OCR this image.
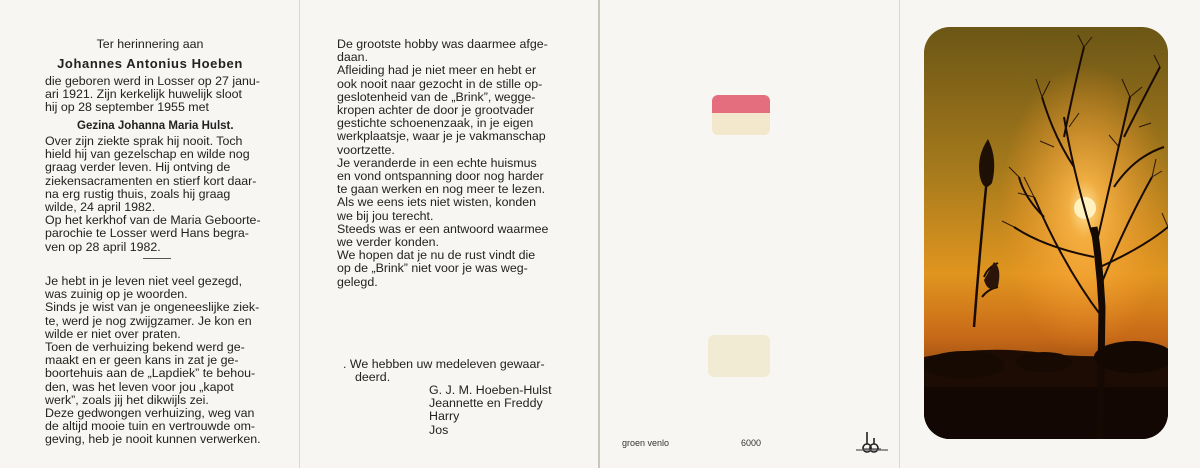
Ter herinnering aan
Johannes Antonius Hoeben
die geboren werd in Losser op 27 janu-
ari 1921. Zijn kerkelijk huwelijk sloot
hij op 28 september 1955 met
Gezina Johanna Maria Hulst.
Over zijn ziekte sprak hij nooit. Toch
hield hij van gezelschap en wilde nog
graag verder leven. Hij ontving de
ziekensacramenten en stierf kort daar-
na erg rustig thuis, zoals hij graag
wilde, 24 april 1982.
Op het kerkhof van de Maria Geboorte-
parochie te Losser werd Hans begra-
ven op 28 april 1982.
Je hebt in je leven niet veel gezegd,
was zuinig op je woorden.
Sinds je wist van je ongeneeslijke ziek-
te, werd je nog zwijgzamer. Je kon en
wilde er niet over praten.
Toen de verhuizing bekend werd ge-
maakt en er geen kans in zat je ge-
boortehuis aan de „Lapdiek” te behou-
den, was het leven voor jou „kapot
werk”, zoals jij het dikwijls zei.
Deze gedwongen verhuizing, weg van
de altijd mooie tuin en vertrouwde om-
geving, heb je nooit kunnen verwerken.
De grootste hobby was daarmee afge-
daan.
Afleiding had je niet meer en hebt er
ook nooit naar gezocht in de stille op-
geslotenheid van de „Brink”, wegge-
kropen achter de door je grootvader
gestichte schoenenzaak, in je eigen
werkplaatsje, waar je je vakmanschap
voortzette.
Je veranderde in een echte huismus
en vond ontspanning door nog harder
te gaan werken en nog meer te lezen.
Als we eens iets niet wisten, konden
we bij jou terecht.
Steeds was er een antwoord waarmee
we verder konden.
We hopen dat je nu de rust vindt die
op de „Brink” niet voor je was weg-
gelegd.
. We hebben uw medeleven gewaar-
deerd.
G. J. M. Hoeben-Hulst
Jeannette en Freddy
Harry
Jos
groen venlo	6000
